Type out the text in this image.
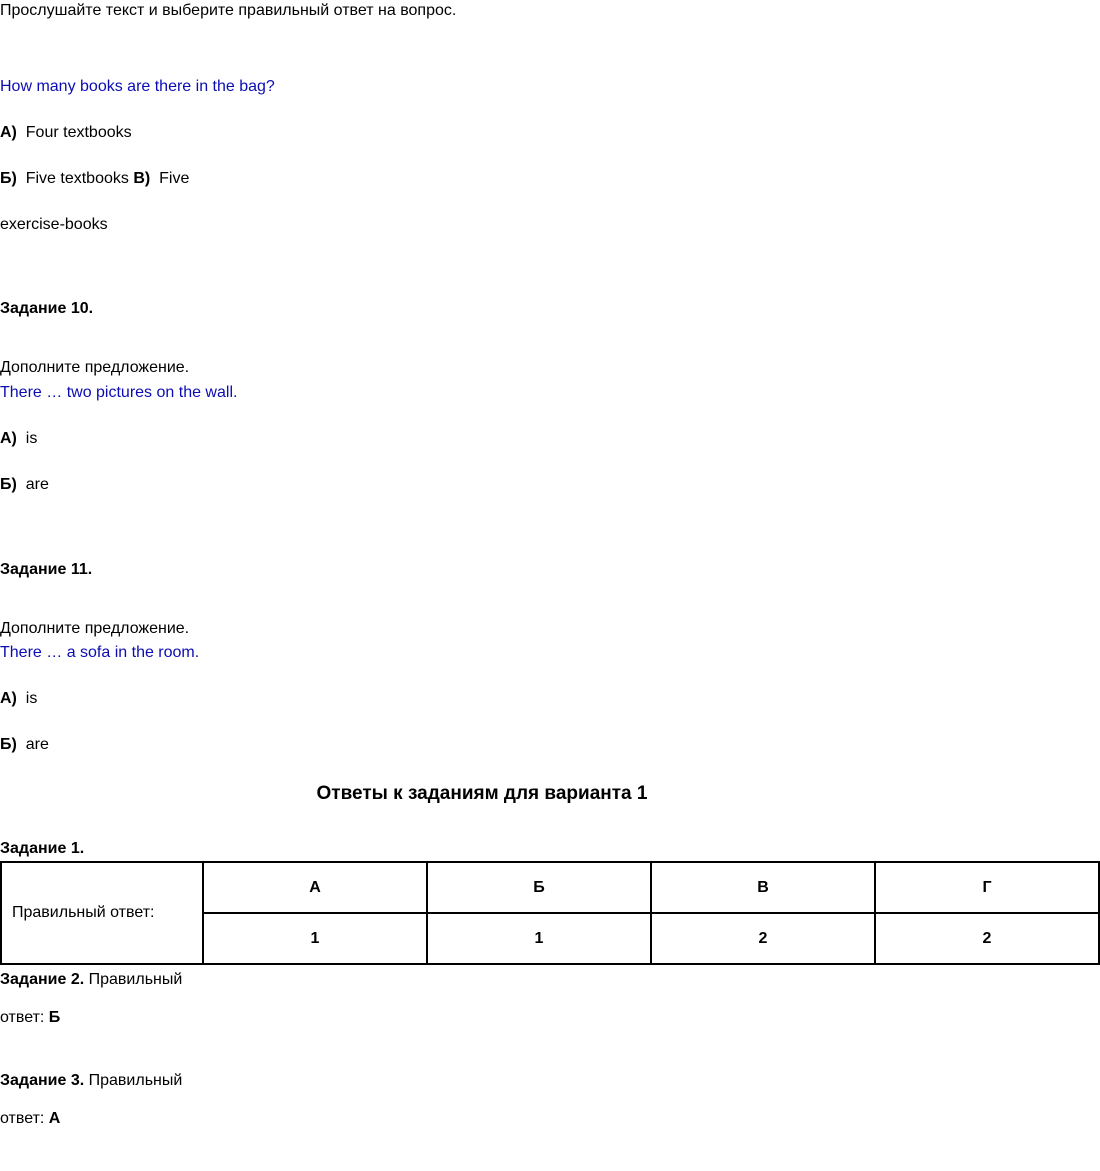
Прослушайте текст и выберите правильный ответ на вопрос.
How many books are there in the bag?
А) Four textbooks
Б) Five textbooks В) Five
exercise-books
Задание 10.
Дополните предложение.
There … two pictures on the wall.
А) is
Б) are
Задание 11.
Дополните предложение.
There … a sofa in the room.
А) is
Б) are
Ответы к заданиям для варианта 1
Задание 1.
Правильный ответ:	А	Б	В	Г
	1	1	2	2
Задание 2. Правильный
ответ: Б
Задание 3. Правильный
ответ: А
